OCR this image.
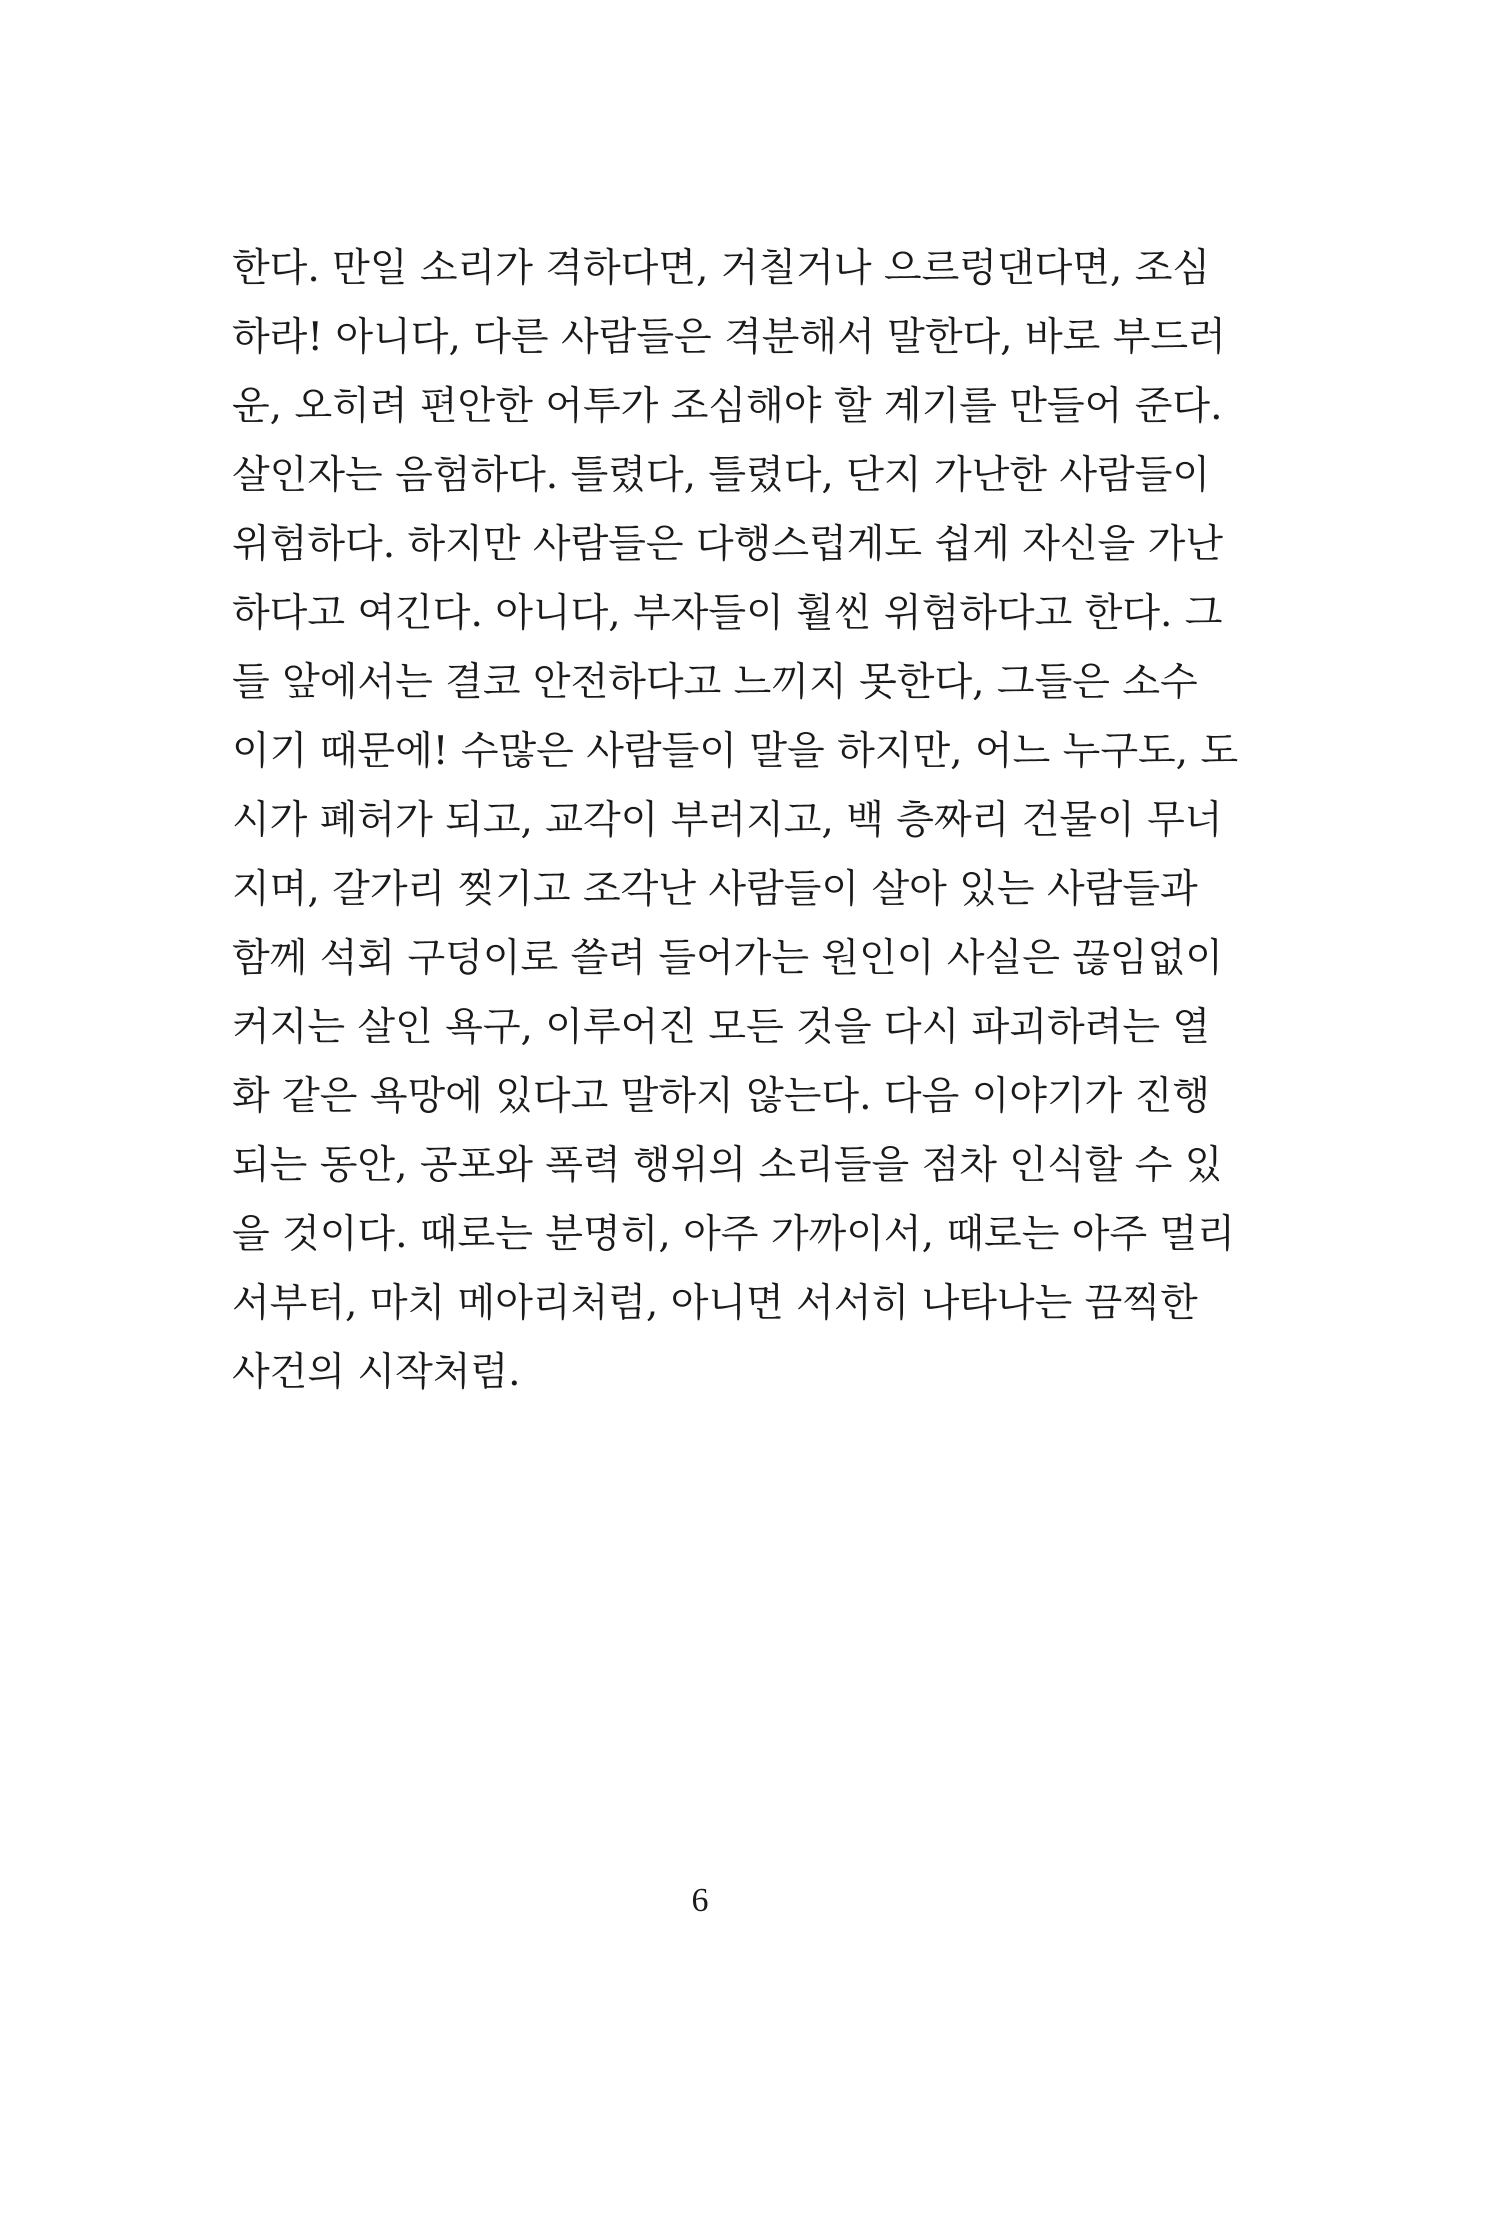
한다. 만일 소리가 격하다면, 거칠거나 으르렁댄다면, 조심
하라! 아니다, 다른 사람들은 격분해서 말한다, 바로 부드러
운, 오히려 편안한 어투가 조심해야 할 계기를 만들어 준다.
살인자는 음험하다. 틀렸다, 틀렸다, 단지 가난한 사람들이
위험하다. 하지만 사람들은 다행스럽게도 쉽게 자신을 가난
하다고 여긴다. 아니다, 부자들이 훨씬 위험하다고 한다. 그
들 앞에서는 결코 안전하다고 느끼지 못한다, 그들은 소수
이기 때문에! 수많은 사람들이 말을 하지만, 어느 누구도, 도
시가 폐허가 되고, 교각이 부러지고, 백 층짜리 건물이 무너
지며, 갈가리 찢기고 조각난 사람들이 살아 있는 사람들과
함께 석회 구덩이로 쓸려 들어가는 원인이 사실은 끊임없이
커지는 살인 욕구, 이루어진 모든 것을 다시 파괴하려는 열
화 같은 욕망에 있다고 말하지 않는다. 다음 이야기가 진행
되는 동안, 공포와 폭력 행위의 소리들을 점차 인식할 수 있
을 것이다. 때로는 분명히, 아주 가까이서, 때로는 아주 멀리
서부터, 마치 메아리처럼, 아니면 서서히 나타나는 끔찍한
사건의 시작처럼.
6
